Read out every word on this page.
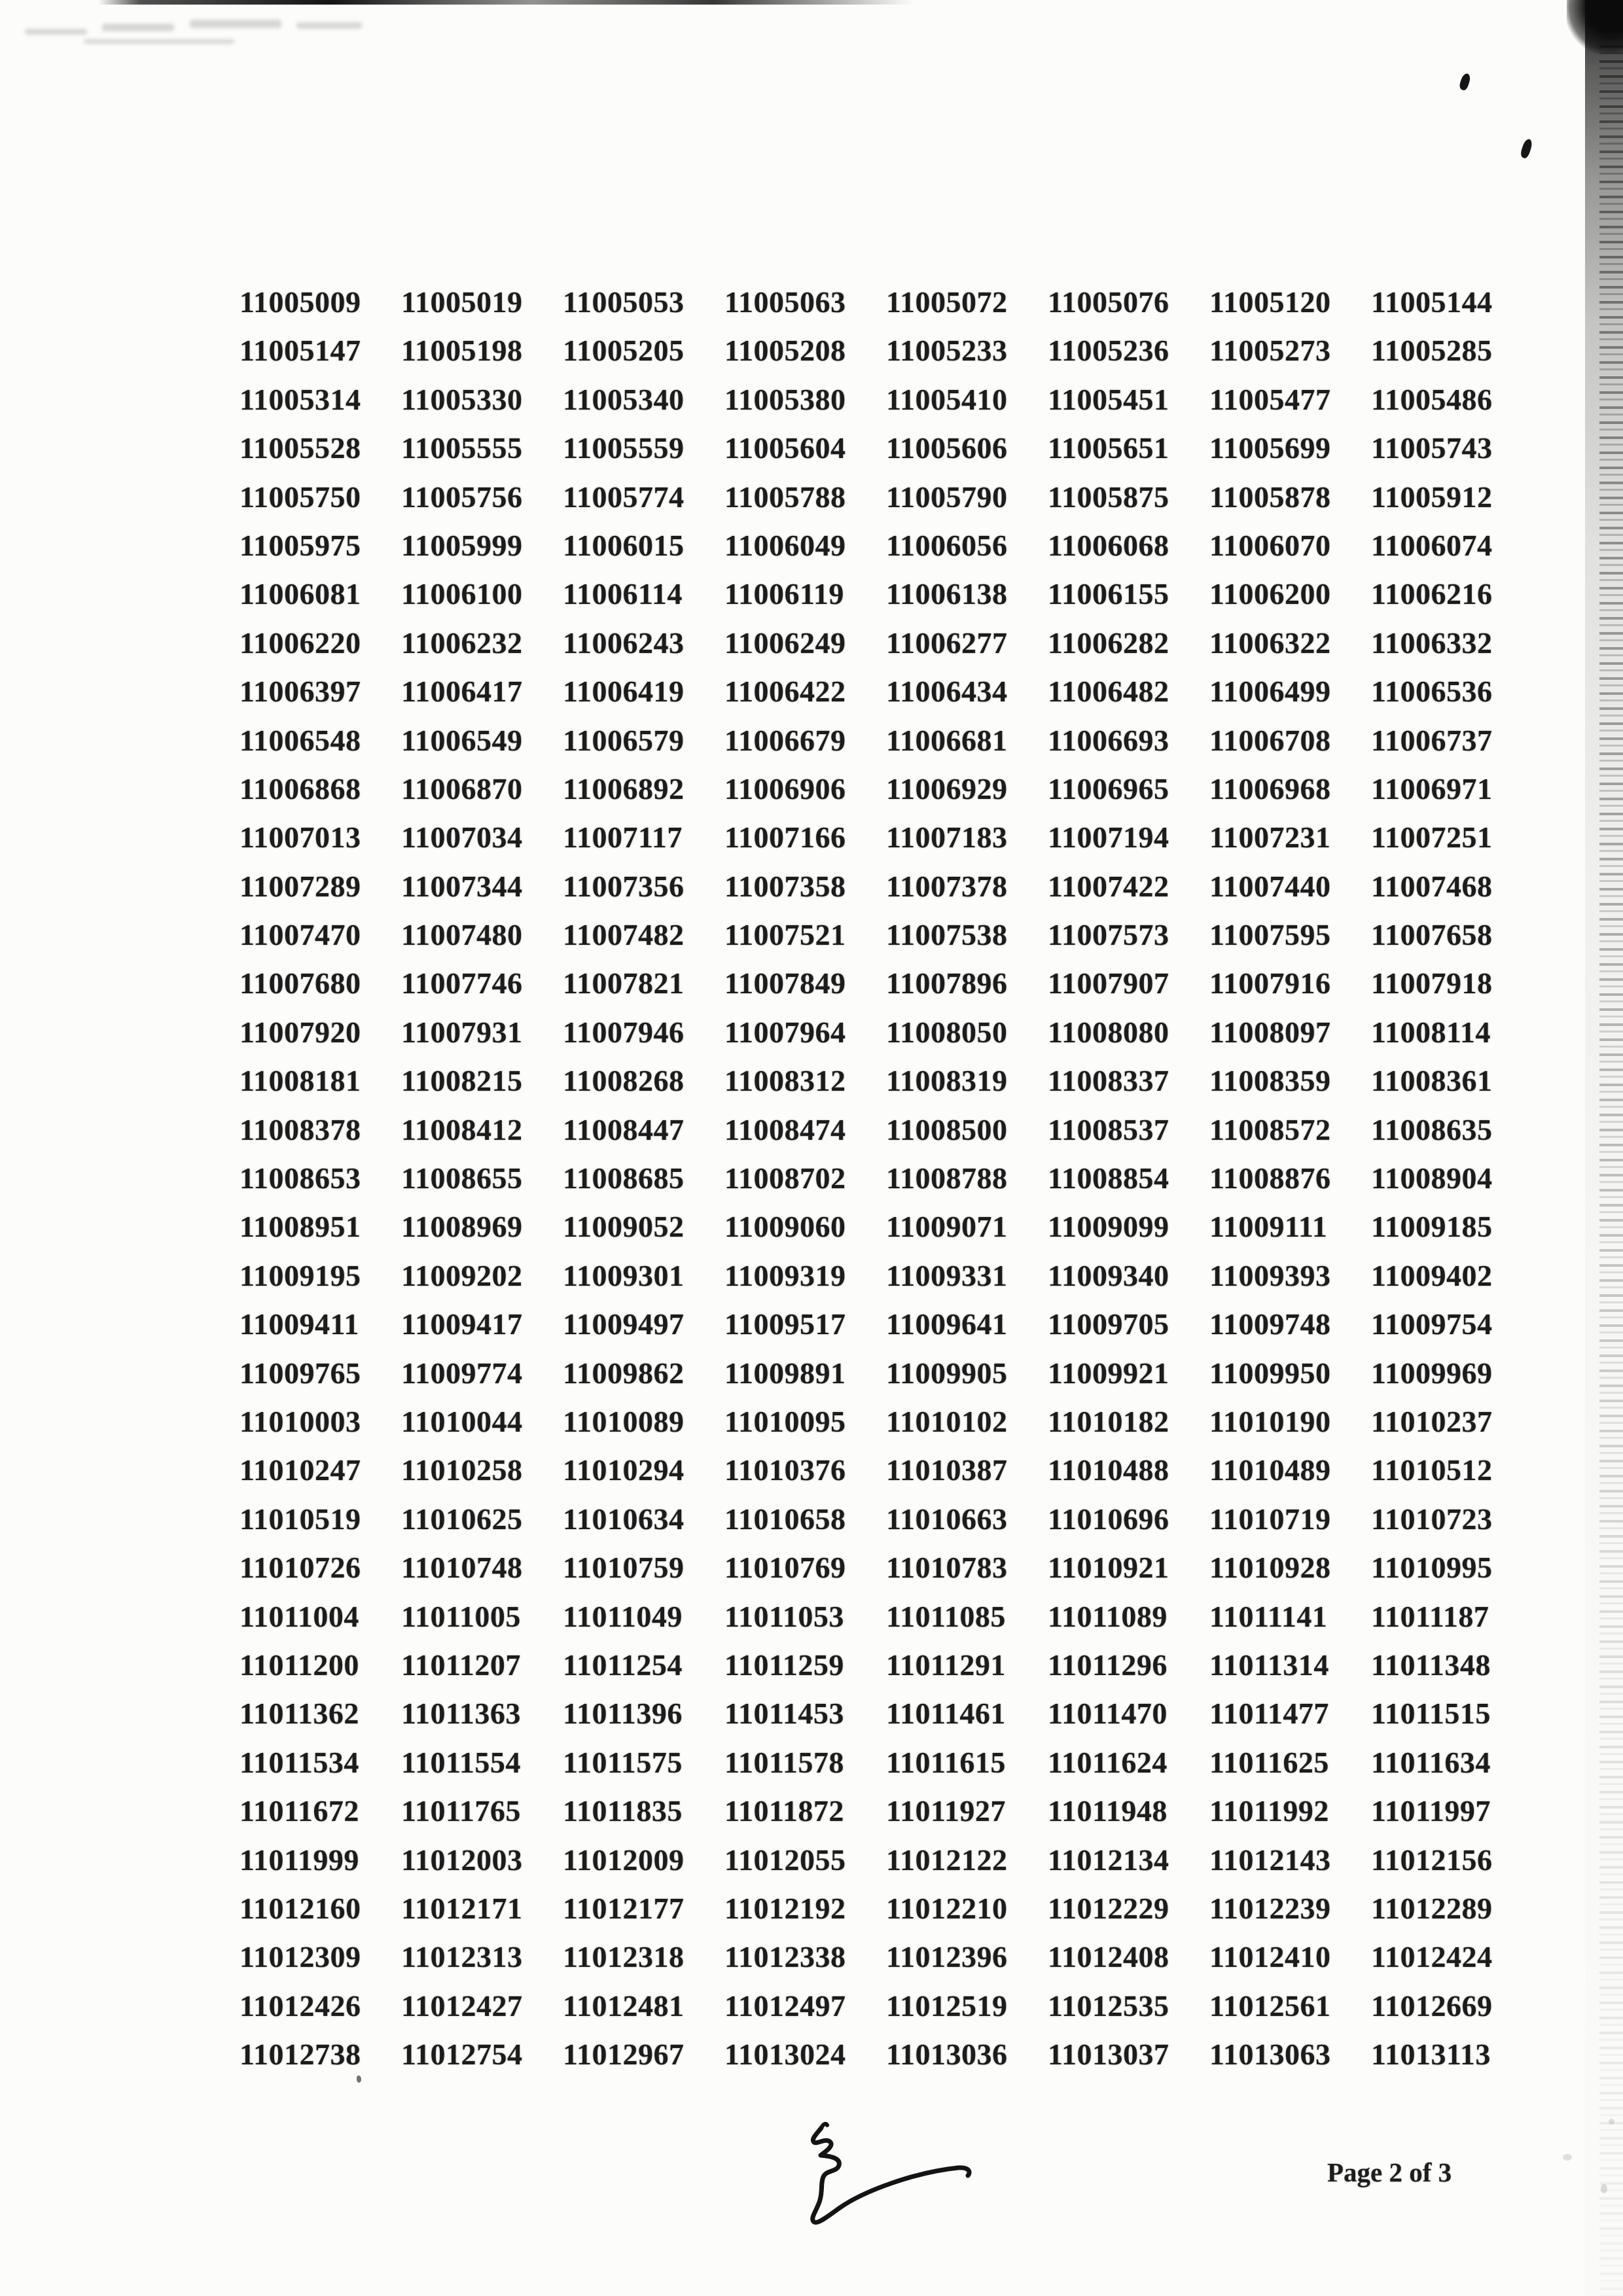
11005009	11005019	11005053	11005063	11005072	11005076	11005120	11005144
11005147	11005198	11005205	11005208	11005233	11005236	11005273	11005285
11005314	11005330	11005340	11005380	11005410	11005451	11005477	11005486
11005528	11005555	11005559	11005604	11005606	11005651	11005699	11005743
11005750	11005756	11005774	11005788	11005790	11005875	11005878	11005912
11005975	11005999	11006015	11006049	11006056	11006068	11006070	11006074
11006081	11006100	11006114	11006119	11006138	11006155	11006200	11006216
11006220	11006232	11006243	11006249	11006277	11006282	11006322	11006332
11006397	11006417	11006419	11006422	11006434	11006482	11006499	11006536
11006548	11006549	11006579	11006679	11006681	11006693	11006708	11006737
11006868	11006870	11006892	11006906	11006929	11006965	11006968	11006971
11007013	11007034	11007117	11007166	11007183	11007194	11007231	11007251
11007289	11007344	11007356	11007358	11007378	11007422	11007440	11007468
11007470	11007480	11007482	11007521	11007538	11007573	11007595	11007658
11007680	11007746	11007821	11007849	11007896	11007907	11007916	11007918
11007920	11007931	11007946	11007964	11008050	11008080	11008097	11008114
11008181	11008215	11008268	11008312	11008319	11008337	11008359	11008361
11008378	11008412	11008447	11008474	11008500	11008537	11008572	11008635
11008653	11008655	11008685	11008702	11008788	11008854	11008876	11008904
11008951	11008969	11009052	11009060	11009071	11009099	11009111	11009185
11009195	11009202	11009301	11009319	11009331	11009340	11009393	11009402
11009411	11009417	11009497	11009517	11009641	11009705	11009748	11009754
11009765	11009774	11009862	11009891	11009905	11009921	11009950	11009969
11010003	11010044	11010089	11010095	11010102	11010182	11010190	11010237
11010247	11010258	11010294	11010376	11010387	11010488	11010489	11010512
11010519	11010625	11010634	11010658	11010663	11010696	11010719	11010723
11010726	11010748	11010759	11010769	11010783	11010921	11010928	11010995
11011004	11011005	11011049	11011053	11011085	11011089	11011141	11011187
11011200	11011207	11011254	11011259	11011291	11011296	11011314	11011348
11011362	11011363	11011396	11011453	11011461	11011470	11011477	11011515
11011534	11011554	11011575	11011578	11011615	11011624	11011625	11011634
11011672	11011765	11011835	11011872	11011927	11011948	11011992	11011997
11011999	11012003	11012009	11012055	11012122	11012134	11012143	11012156
11012160	11012171	11012177	11012192	11012210	11012229	11012239	11012289
11012309	11012313	11012318	11012338	11012396	11012408	11012410	11012424
11012426	11012427	11012481	11012497	11012519	11012535	11012561	11012669
11012738	11012754	11012967	11013024	11013036	11013037	11013063	11013113
Page 2 of 3
